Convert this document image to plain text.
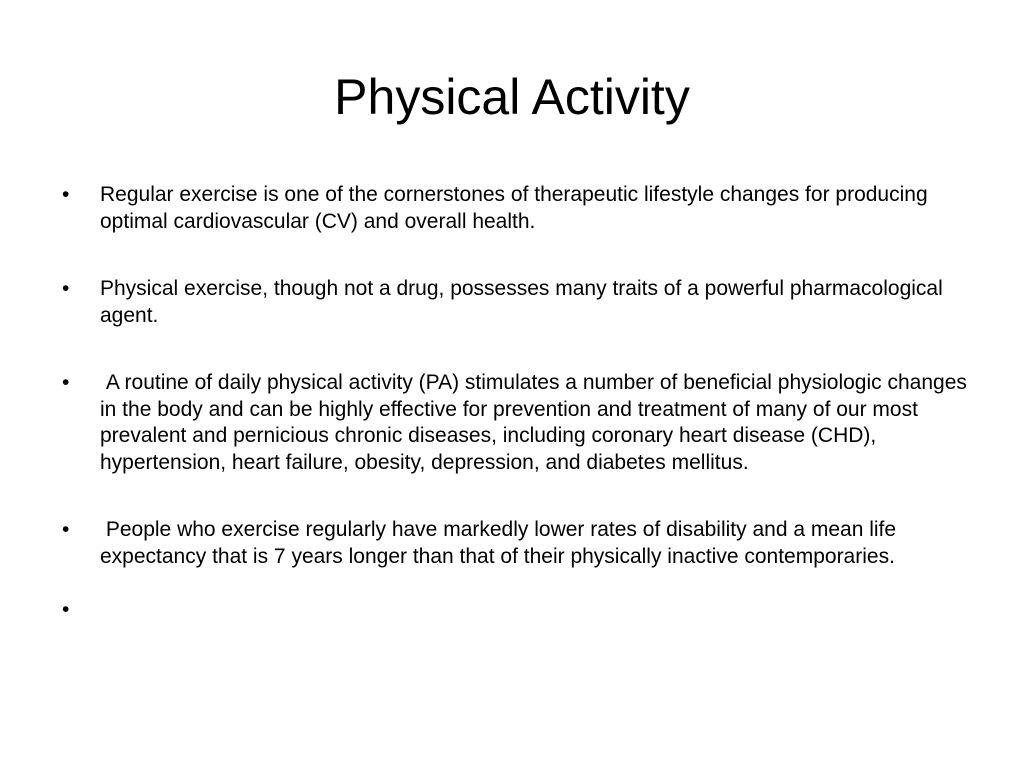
Physical Activity
•	Regular exercise is one of the cornerstones of therapeutic lifestyle changes for producing optimal cardiovascular (CV) and overall health.
•	Physical exercise, though not a drug, possesses many traits of a powerful pharmacological agent.
•	A routine of daily physical activity (PA) stimulates a number of beneficial physiologic changes in the body and can be highly effective for prevention and treatment of many of our most prevalent and pernicious chronic diseases, including coronary heart disease (CHD), hypertension, heart failure, obesity, depression, and diabetes mellitus.
•	People who exercise regularly have markedly lower rates of disability and a mean life expectancy that is 7 years longer than that of their physically inactive contemporaries.
•
